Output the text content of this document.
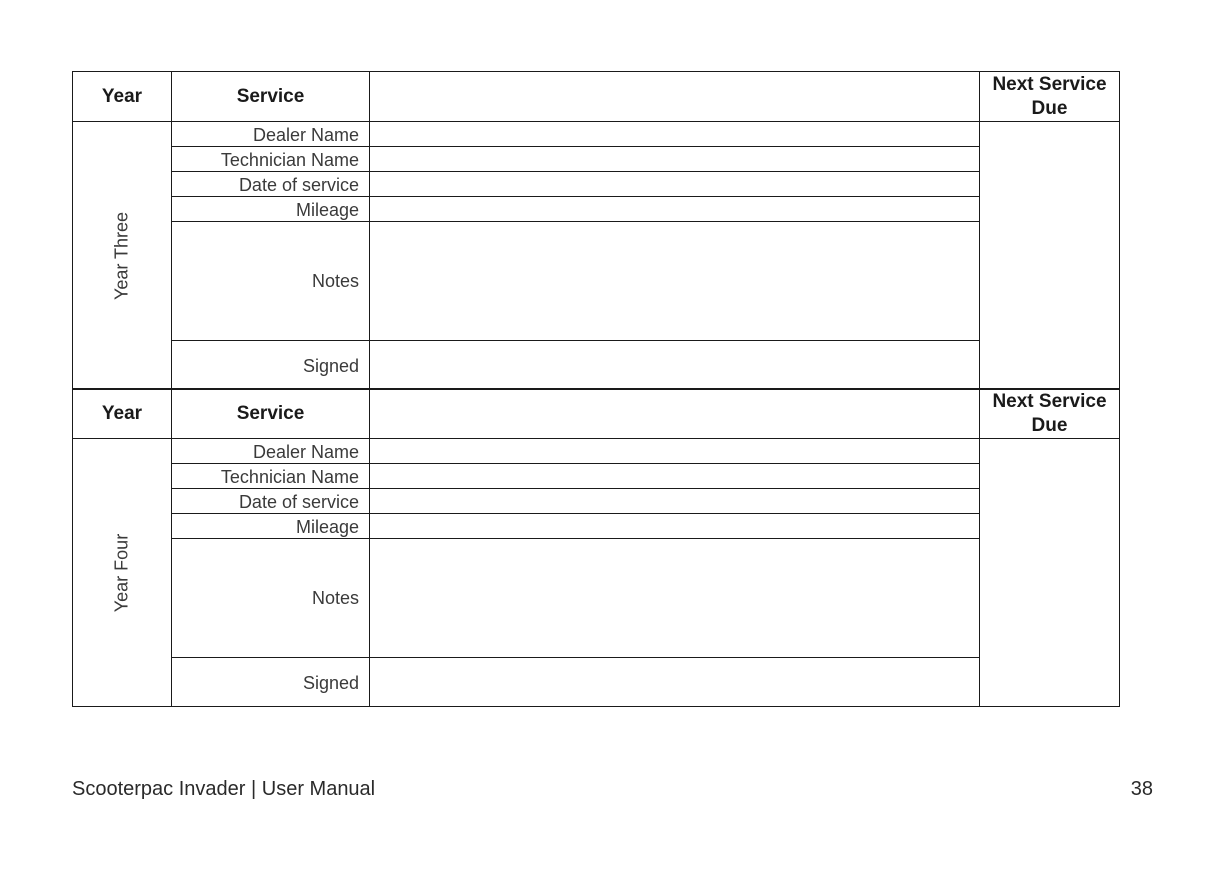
Year	Service		Next Service Due

Year Three	Dealer Name		
	Technician Name		
	Date of service		
	Mileage		
	Notes		
	Signed		
Year	Service		Next Service Due

Year Four	Dealer Name		
	Technician Name		
	Date of service		
	Mileage		
	Notes		
	Signed		
Scooterpac Invader | User Manual	38
